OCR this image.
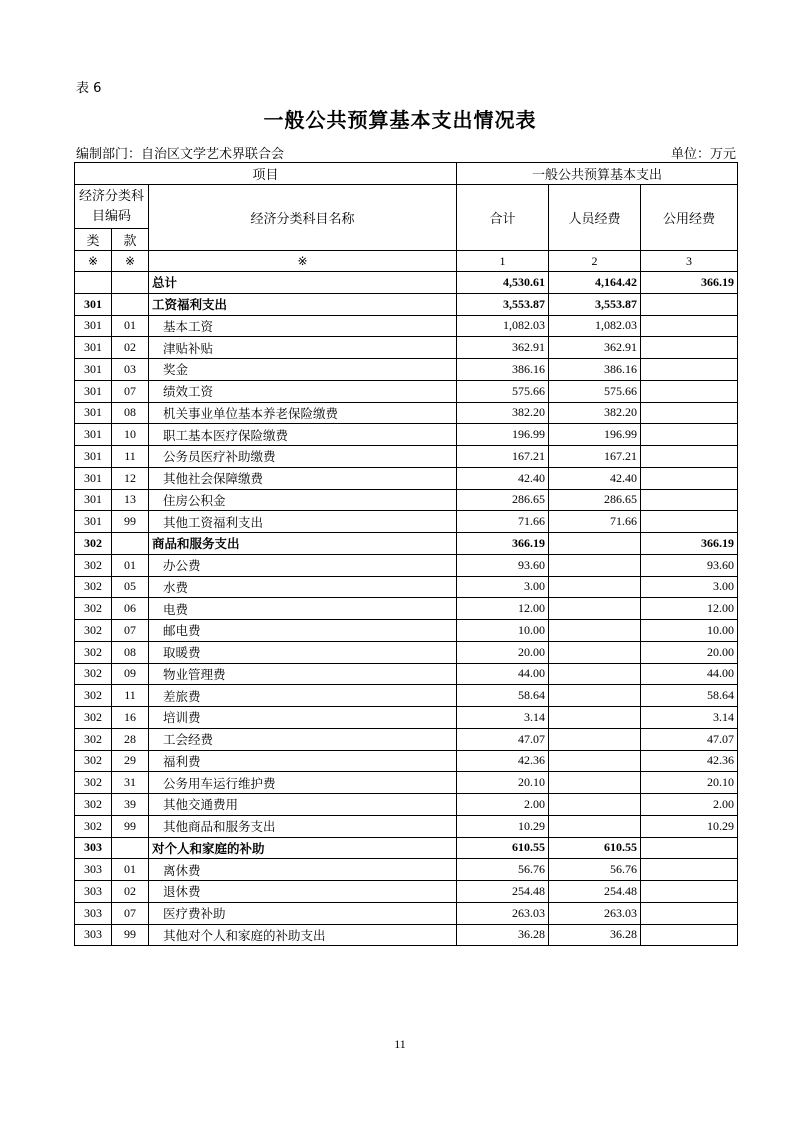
表 6
一般公共预算基本支出情况表
编制部门：自治区文学艺术界联合会	单位：万元
项目			一般公共预算基本支出		
经济分类科目编码		经济分类科目名称	合计	人员经费	公用经费
类	款				
※	※	※	1	2	3
		总计	4,530.61	4,164.42	366.19
301		工资福利支出	3,553.87	3,553.87	
301	01	基本工资	1,082.03	1,082.03	
301	02	津贴补贴	362.91	362.91	
301	03	奖金	386.16	386.16	
301	07	绩效工资	575.66	575.66	
301	08	机关事业单位基本养老保险缴费	382.20	382.20	
301	10	职工基本医疗保险缴费	196.99	196.99	
301	11	公务员医疗补助缴费	167.21	167.21	
301	12	其他社会保障缴费	42.40	42.40	
301	13	住房公积金	286.65	286.65	
301	99	其他工资福利支出	71.66	71.66	
302		商品和服务支出	366.19		366.19
302	01	办公费	93.60		93.60
302	05	水费	3.00		3.00
302	06	电费	12.00		12.00
302	07	邮电费	10.00		10.00
302	08	取暖费	20.00		20.00
302	09	物业管理费	44.00		44.00
302	11	差旅费	58.64		58.64
302	16	培训费	3.14		3.14
302	28	工会经费	47.07		47.07
302	29	福利费	42.36		42.36
302	31	公务用车运行维护费	20.10		20.10
302	39	其他交通费用	2.00		2.00
302	99	其他商品和服务支出	10.29		10.29
303		对个人和家庭的补助	610.55	610.55	
303	01	离休费	56.76	56.76	
303	02	退休费	254.48	254.48	
303	07	医疗费补助	263.03	263.03	
303	99	其他对个人和家庭的补助支出	36.28	36.28	
11
